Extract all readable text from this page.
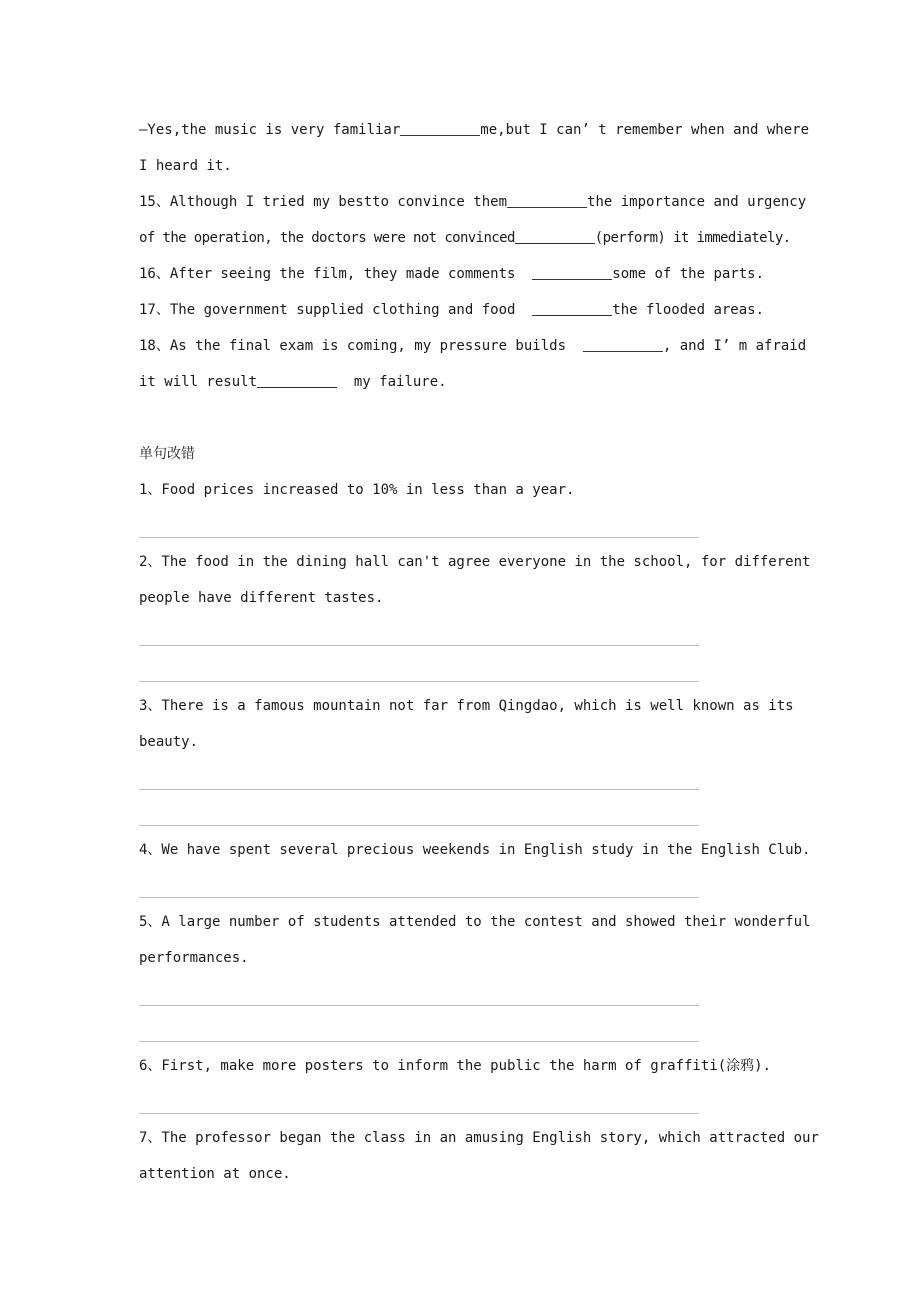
—Yes,the music is very familiar	me,but I can’ t remember when and where
I heard it.
15、Although I tried my bestto convince them	the importance and urgency
of the operation, the doctors were not convinced	(perform) it immediately.
16、After seeing the film, they made comments	some of the parts.
17、The government supplied clothing and food	the flooded areas.
18、As the final exam is coming, my pressure builds	, and I’ m afraid
it will result	my failure.
单句改错
1、Food prices increased to 10% in less than a year.
2、The food in the dining hall can't agree everyone in the school, for different
people have different tastes.
3、There is a famous mountain not far from Qingdao, which is well known as its
beauty.
4、We have spent several precious weekends in English study in the English Club.
5、A large number of students attended to the contest and showed their wonderful
performances.
6、First, make more posters to inform the public the harm of graffiti(涂鸦).
7、The professor began the class in an amusing English story, which attracted our
attention at once.
